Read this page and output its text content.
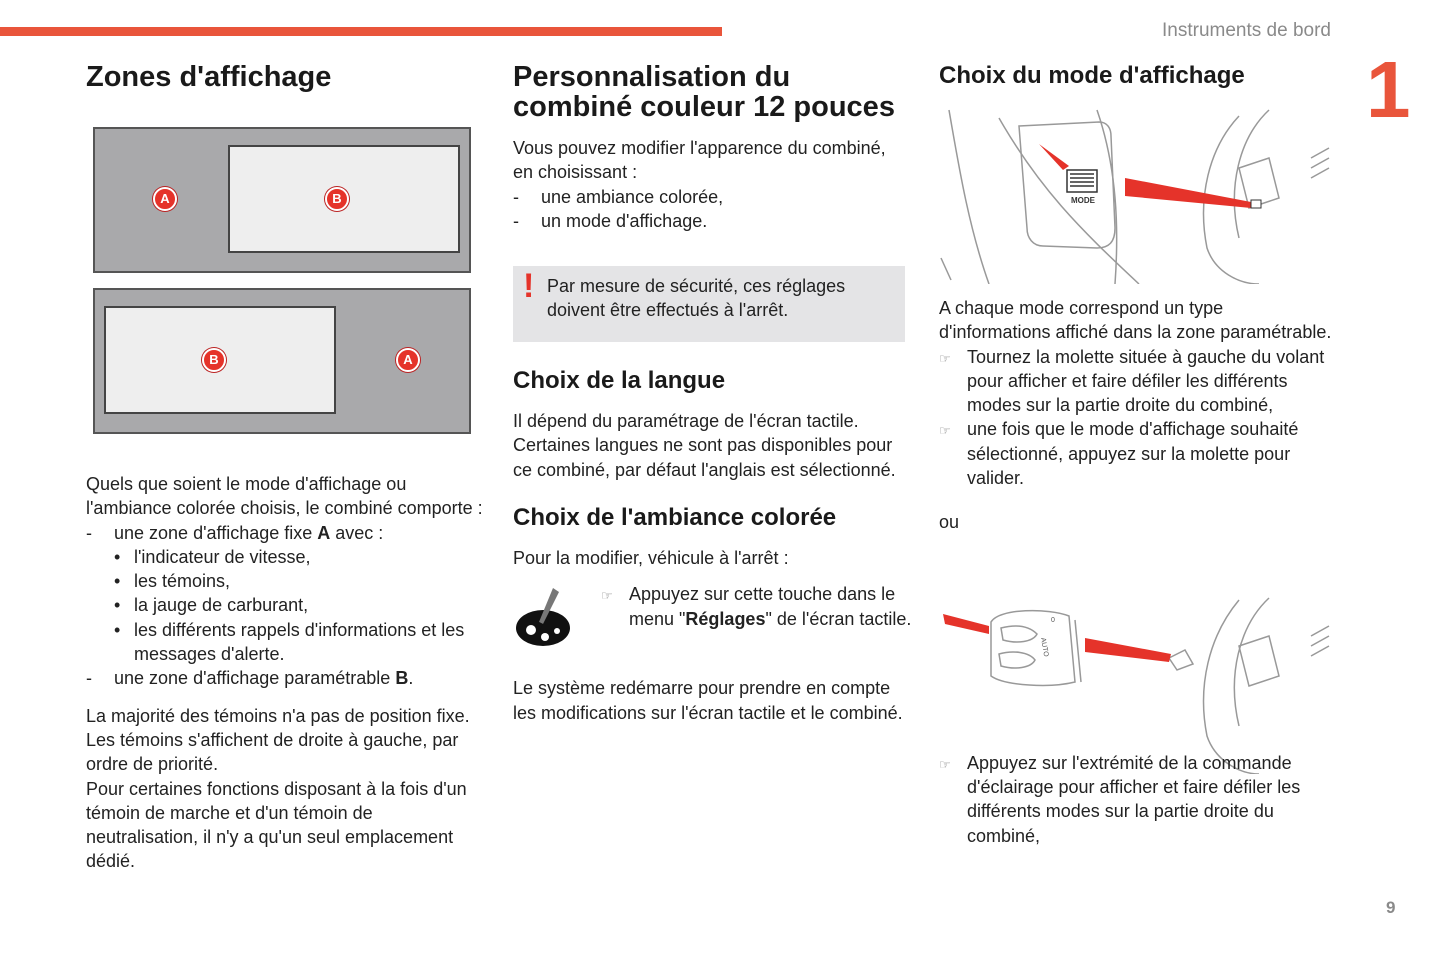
Instruments de bord
1
9
Zones d'affichage
A	B
B	A

Quels que soient le mode d'affichage ou l'ambiance colorée choisis, le combiné comporte :

- une zone d'affichage fixe A avec :

• l'indicateur de vitesse,

• les témoins,

• la jauge de carburant,

• les différents rappels d'informations et les messages d'alerte.

- une zone d'affichage paramétrable B.

La majorité des témoins n'a pas de position fixe.

Les témoins s'affichent de droite à gauche, par ordre de priorité.

Pour certaines fonctions disposant à la fois d'un témoin de marche et d'un témoin de neutralisation, il n'y a qu'un seul emplacement dédié.

Personnalisation du combiné couleur 12 pouces

Vous pouvez modifier l'apparence du combiné, en choisissant :

- une ambiance colorée,

- un mode d'affichage.

! Par mesure de sécurité, ces réglages doivent être effectués à l'arrêt.
Choix de la langue

Il dépend du paramétrage de l'écran tactile. Certaines langues ne sont pas disponibles pour ce combiné, par défaut l'anglais est sélectionné.

Choix de l'ambiance colorée

Pour la modifier, véhicule à l'arrêt :

☞ Appuyez sur cette touche dans le menu "Réglages" de l'écran tactile.

Le système redémarre pour prendre en compte les modifications sur l'écran tactile et le combiné.

Choix du mode d'affichage
MODE

A chaque mode correspond un type d'informations affiché dans la zone paramétrable.

☞ Tournez la molette située à gauche du volant pour afficher et faire défiler les différents modes sur la partie droite du combiné,
☞ une fois que le mode d'affichage souhaité sélectionné, appuyez sur la molette pour valider.

ou

AUTO
0
☞ Appuyez sur l'extrémité de la commande d'éclairage pour afficher et faire défiler les différents modes sur la partie droite du combiné,
